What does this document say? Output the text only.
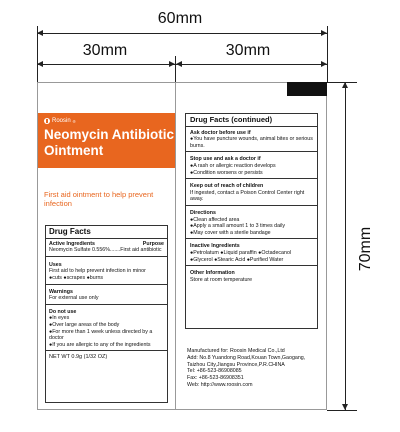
60mm
30mm	30mm
70mm
Roosin ®
Neomycin Antibiotic Ointment
First aid ointment to help prevent infection
Drug Facts
Active Ingredients	Purpose
Neomycin Sulfate 0.556%.......First aid antibiotic
Uses
First aid to help prevent infection in minor
●cuts ●scrapes ●burns
Warnings
For external use only
Do not use
●In eyes
●Over large areas of the body
●For more than 1 week unless directed by a doctor
●If you are allergic to any of the ingredients
NET WT 0.9g (1/32 OZ)
Drug Facts (continued)
Ask doctor before use if
●You have puncture wounds, animal bites or serious burns.
Stop use and ask a doctor if
●A rash or allergic reaction develops
●Condition worsens or persists
Keep out of reach of children
If ingested, contact a Poison Control Center right away.
Directions
●Clean affected area
●Apply a small amount 1 to 3 times daily
●May cover with a sterile bandage
Inactive Ingredients
●Petrolatum ●Liquid paraffin ●Octadecanol
●Glycerol ●Stearic Acid ●Purified Water
Other Information
Store at room temperature
Manufactured for: Roosin Medical Co.,Ltd
Add: No.8 Yuandong Road,Kouan Town,Gaogang,
Taizhou City,Jiangsu Province,P.R.CHINA
Tel: +86-523-86908085
Fax: +86-523-86908351
Web: http://www.roosin.com
